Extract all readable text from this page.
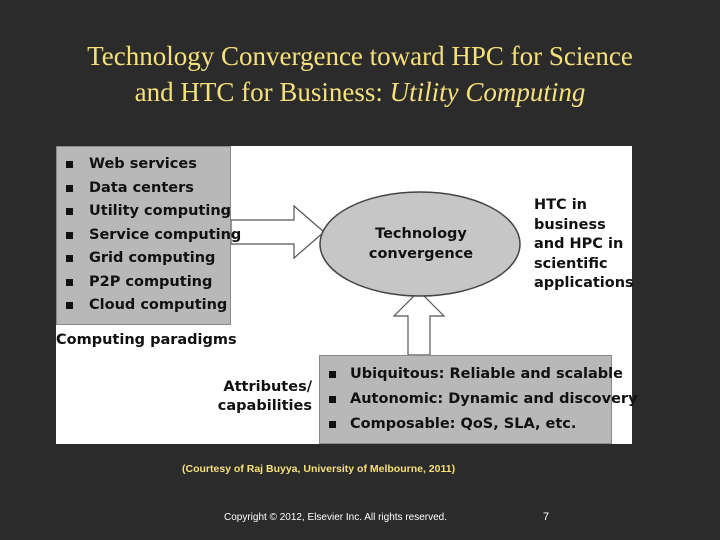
Technology Convergence toward HPC for Science
and HTC for Business: Utility Computing
Web services
Data centers
Utility computing
Service computing
Grid computing
P2P computing
Cloud computing
Computing paradigms
Technology
convergence
HTC in
business
and HPC in
scientific
applications
Attributes/
capabilities
Ubiquitous: Reliable and scalable
Autonomic: Dynamic and discovery
Composable: QoS, SLA, etc.
(Courtesy of Raj Buyya, University of Melbourne, 2011)
Copyright © 2012, Elsevier Inc. All rights reserved.	7
